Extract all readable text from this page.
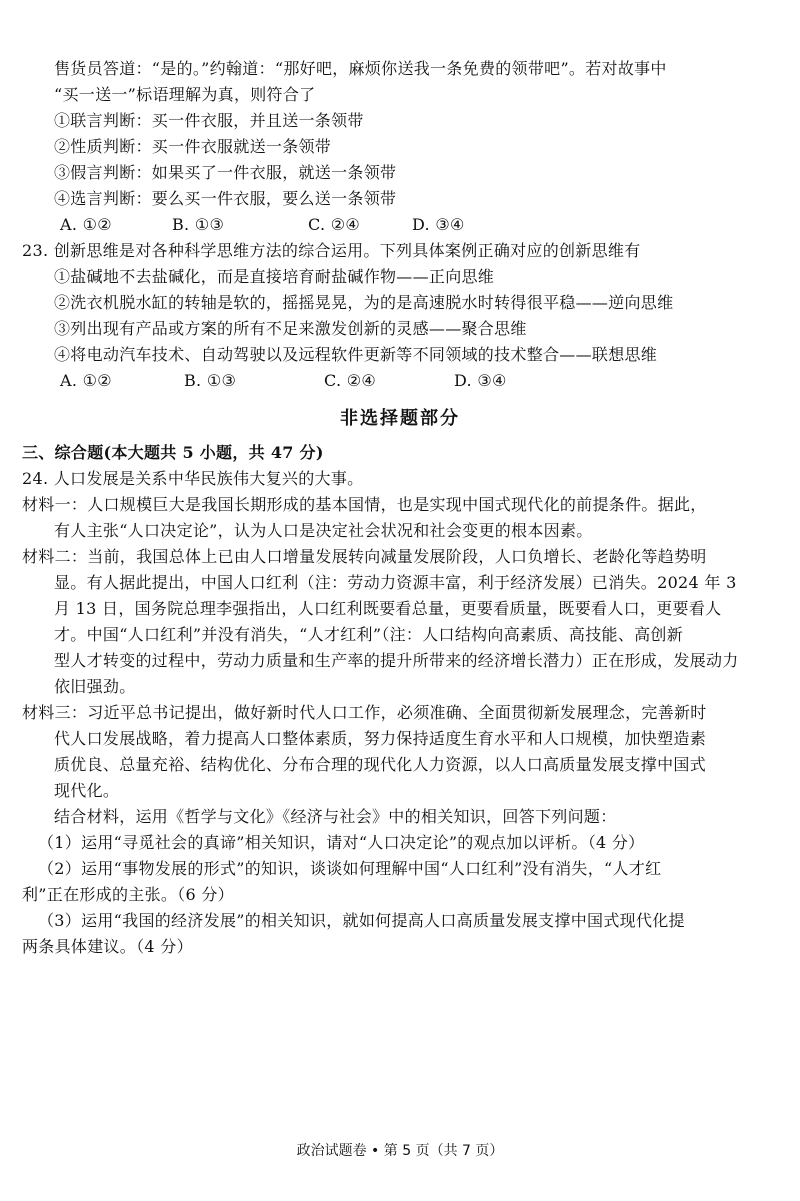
售货员答道：“是的。”约翰道：“那好吧，麻烦你送我一条免费的领带吧”。若对故事中
“买一送一”标语理解为真，则符合了
①联言判断：买一件衣服，并且送一条领带
②性质判断：买一件衣服就送一条领带
③假言判断：如果买了一件衣服，就送一条领带
④选言判断：要么买一件衣服，要么送一条领带
A. ①②	B. ①③	C. ②④	D. ③④
23. 创新思维是对各种科学思维方法的综合运用。下列具体案例正确对应的创新思维有
①盐碱地不去盐碱化，而是直接培育耐盐碱作物——正向思维
②洗衣机脱水缸的转轴是软的，摇摇晃晃，为的是高速脱水时转得很平稳——逆向思维
③列出现有产品或方案的所有不足来激发创新的灵感——聚合思维
④将电动汽车技术、自动驾驶以及远程软件更新等不同领域的技术整合——联想思维
A. ①②	B. ①③	C. ②④	D. ③④
非选择题部分
三、综合题(本大题共 5 小题，共 47 分)
24. 人口发展是关系中华民族伟大复兴的大事。
材料一：人口规模巨大是我国长期形成的基本国情，也是实现中国式现代化的前提条件。据此，
有人主张“人口决定论”，认为人口是决定社会状况和社会变更的根本因素。
材料二：当前，我国总体上已由人口增量发展转向减量发展阶段，人口负增长、老龄化等趋势明
显。有人据此提出，中国人口红利（注：劳动力资源丰富，利于经济发展）已消失。2024 年 3
月 13 日，国务院总理李强指出，人口红利既要看总量，更要看质量，既要看人口，更要看人
才。中国“人口红利”并没有消失，“人才红利”（注：人口结构向高素质、高技能、高创新
型人才转变的过程中，劳动力质量和生产率的提升所带来的经济增长潜力）正在形成，发展动力
依旧强劲。
材料三：习近平总书记提出，做好新时代人口工作，必须准确、全面贯彻新发展理念，完善新时
代人口发展战略，着力提高人口整体素质，努力保持适度生育水平和人口规模，加快塑造素
质优良、总量充裕、结构优化、分布合理的现代化人力资源，以人口高质量发展支撑中国式
现代化。
结合材料，运用《哲学与文化》《经济与社会》中的相关知识，回答下列问题：
（1）运用“寻觅社会的真谛”相关知识，请对“人口决定论”的观点加以评析。（4 分）
（2）运用“事物发展的形式”的知识，谈谈如何理解中国“人口红利”没有消失，“人才红
利”正在形成的主张。（6 分）
（3）运用“我国的经济发展”的相关知识，就如何提高人口高质量发展支撑中国式现代化提
两条具体建议。（4 分）
政治试题卷 • 第 5 页（共 7 页）
